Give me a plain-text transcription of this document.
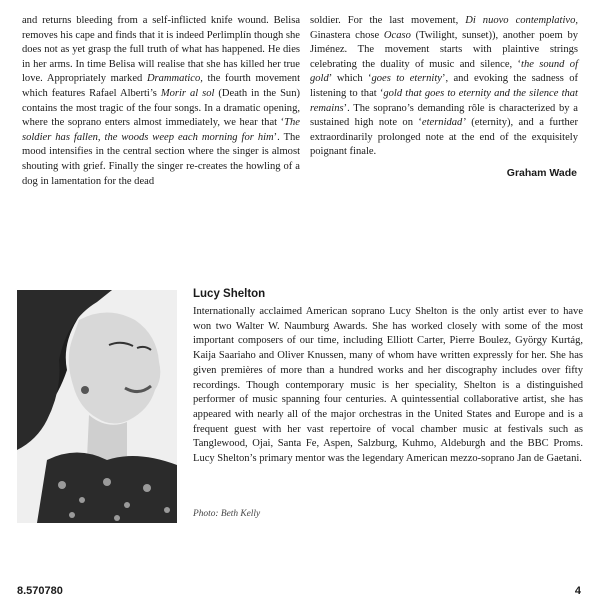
and returns bleeding from a self-inflicted knife wound. Belisa removes his cape and finds that it is indeed Perlimplín though she does not as yet grasp the full truth of what has happened. He dies in her arms. In time Belisa will realise that she has killed her true love. Appropriately marked Drammatico, the fourth movement which features Rafael Alberti’s Morir al sol (Death in the Sun) contains the most tragic of the four songs. In a dramatic opening, where the soprano enters almost immediately, we hear that ‘The soldier has fallen, the woods weep each morning for him’. The mood intensifies in the central section where the singer is almost shouting with grief. Finally the singer re-creates the howling of a dog in lamentation for the dead
soldier. For the last movement, Di nuovo contemplativo, Ginastera chose Ocaso (Twilight, sunset)), another poem by Jiménez. The movement starts with plaintive strings celebrating the duality of music and silence, ‘the sound of gold’ which ‘goes to eternity’, and evoking the sadness of listening to that ‘gold that goes to eternity and the silence that remains’. The soprano’s demanding rôle is characterized by a sustained high note on ‘eternidad’ (eternity), and a further extraordinarily prolonged note at the end of the exquisitely poignant finale.
Graham Wade
Lucy Shelton
Internationally acclaimed American soprano Lucy Shelton is the only artist ever to have won two Walter W. Naumburg Awards. She has worked closely with some of the most important composers of our time, including Elliott Carter, Pierre Boulez, György Kurtág, Kaija Saariaho and Oliver Knussen, many of whom have written expressly for her. She has given premières of more than a hundred works and her discography includes over fifty recordings. Though contemporary music is her speciality, Shelton is a distinguished performer of music spanning four centuries. A quintessential collaborative artist, she has appeared with nearly all of the major orchestras in the United States and Europe and is a frequent guest with her vast repertoire of vocal chamber music at festivals such as Tanglewood, Ojai, Santa Fe, Aspen, Salzburg, Kuhmo, Aldeburgh and the BBC Proms. Lucy Shelton’s primary mentor was the legendary American mezzo-soprano Jan de Gaetani.
Photo: Beth Kelly
8.570780	4
